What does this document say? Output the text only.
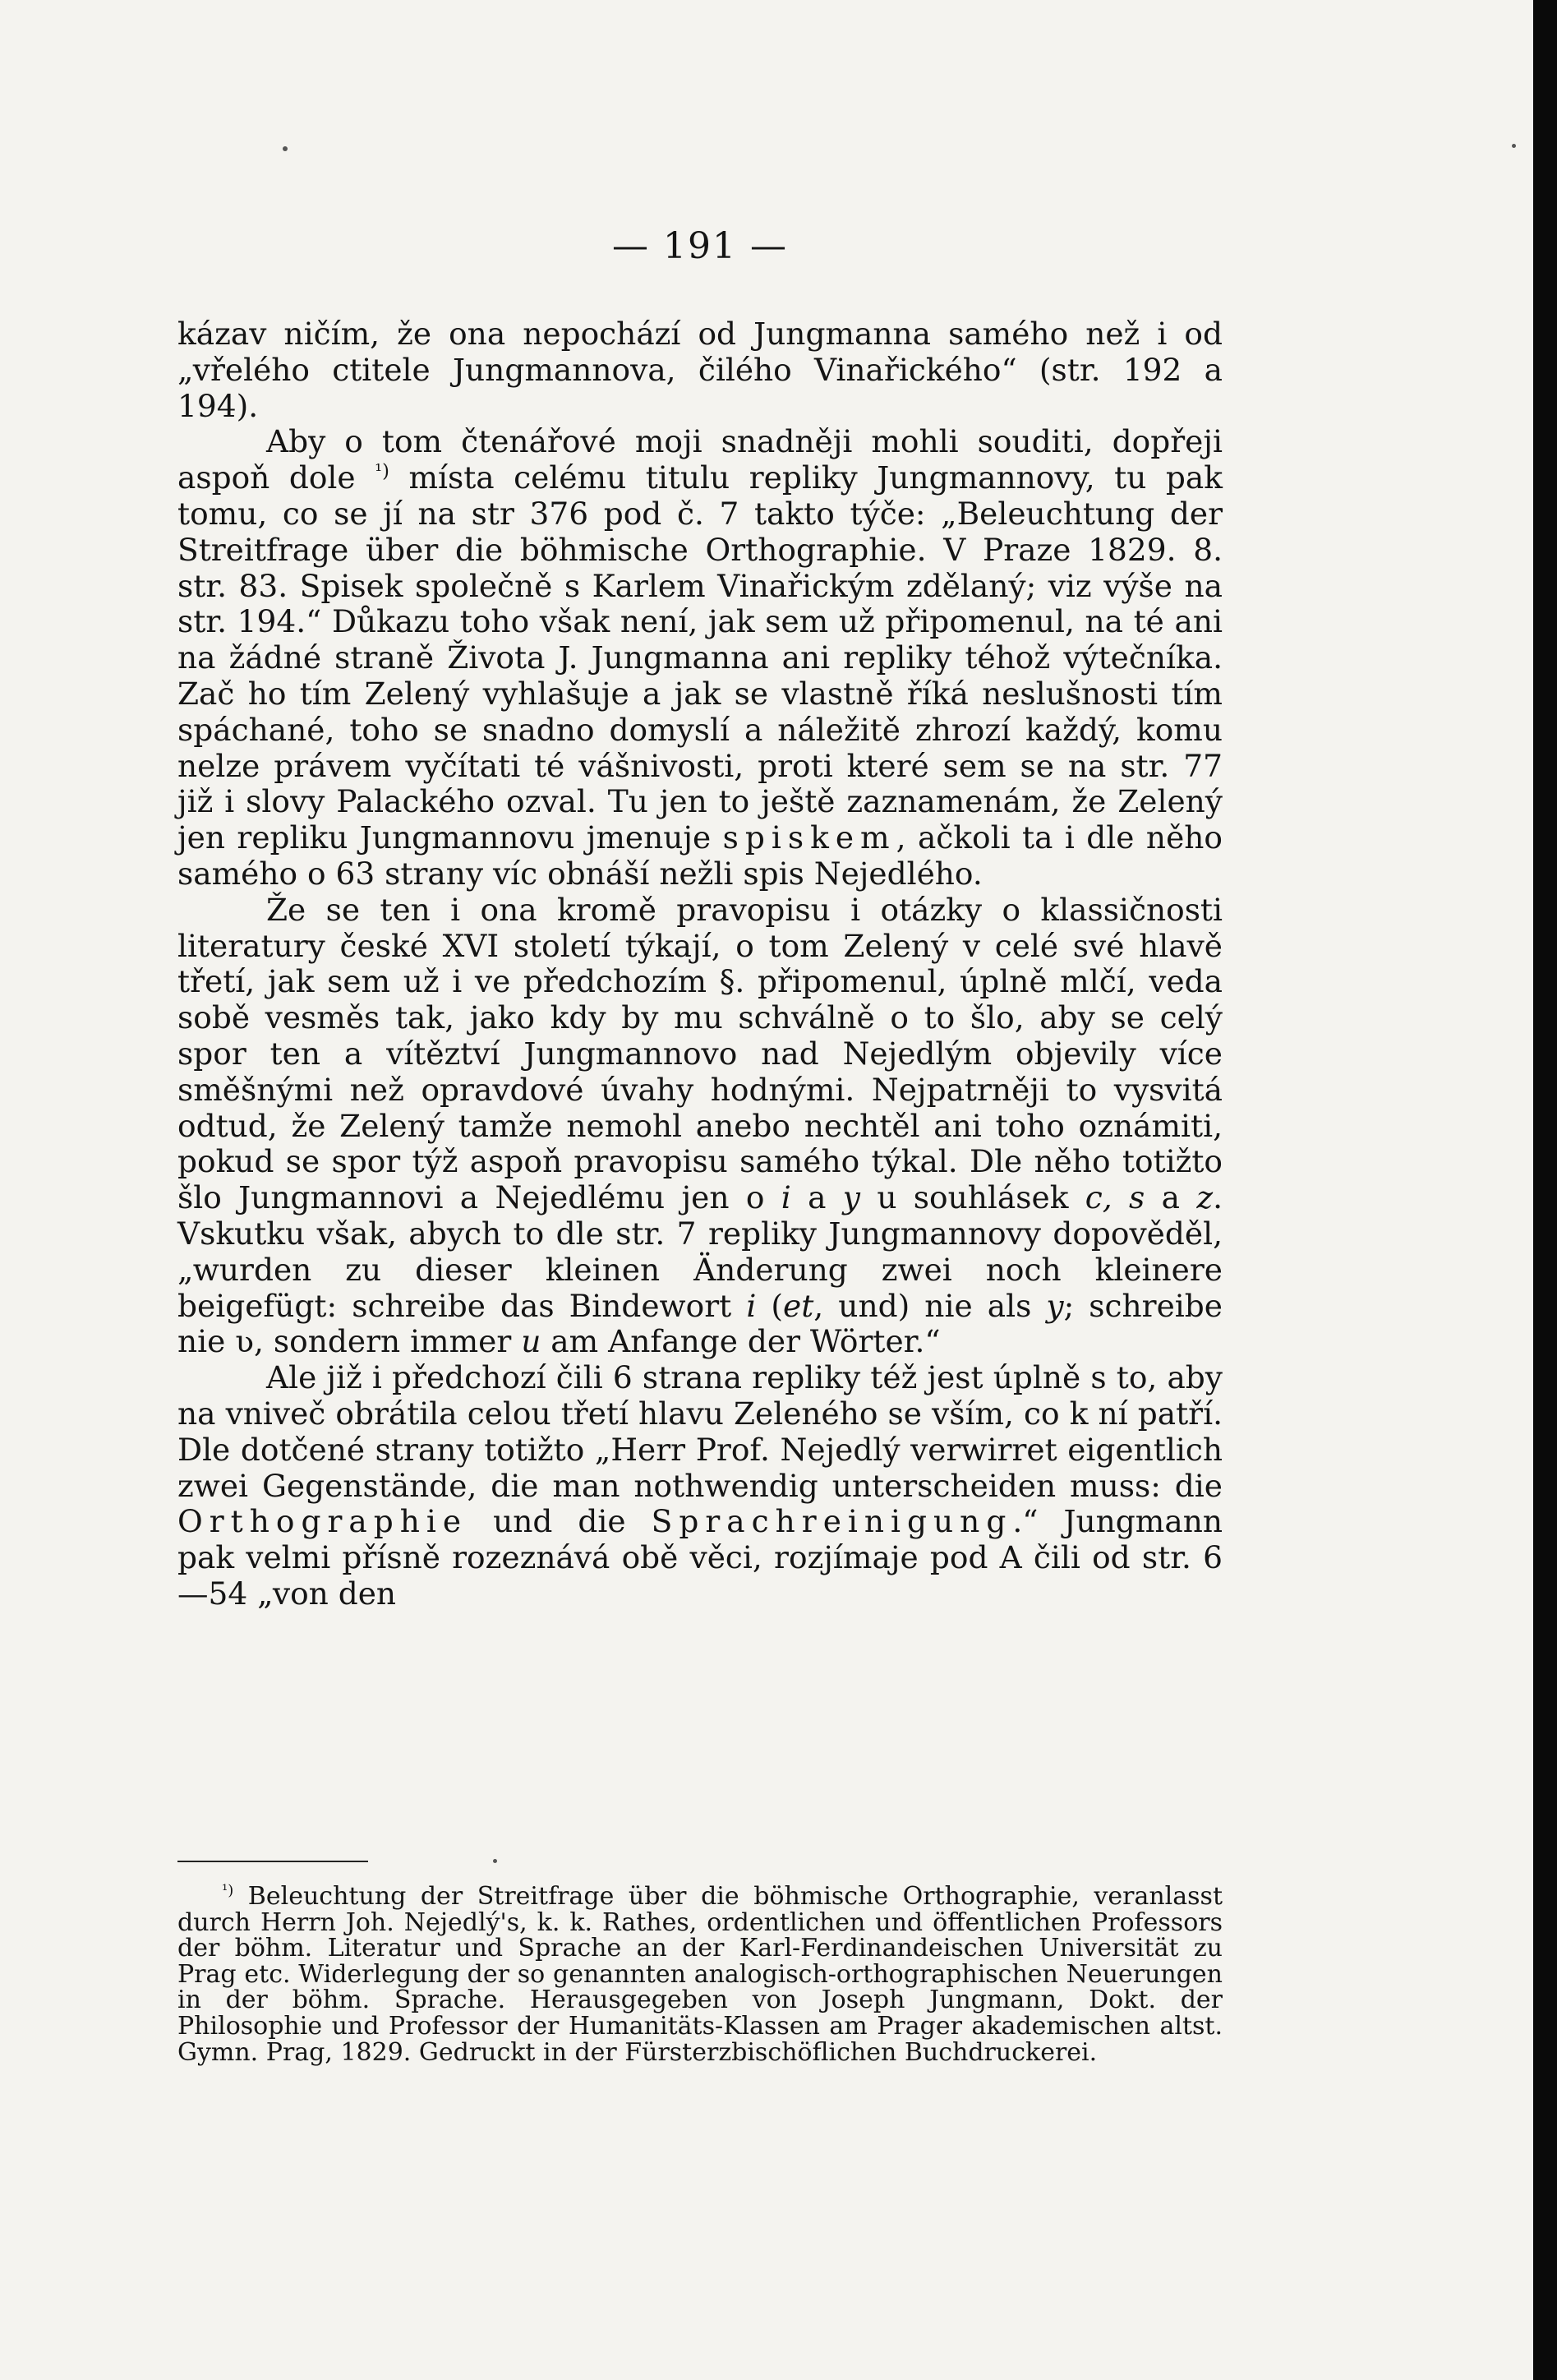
— 191 —

kázav ničím, že ona nepochází od Jungmanna samého než i od „vřelého ctitele Jungmannova, čilého Vinařického“ (str. 192 a 194).

Aby o tom čtenářové moji snadněji mohli souditi, dopřeji aspoň dole $^{^1)}$ místa celému titulu repliky Jungmannovy, tu pak tomu, co se jí na str 376 pod č. 7 takto týče: „Beleuchtung der Streitfrage über die böhmische Orthographie. V Praze 1829. 8. str. 83. Spisek společně s Karlem Vinařickým zdělaný; viz výše na str. 194.“ Důkazu toho však není, jak sem už připomenul, na té ani na žádné straně Života J. Jungmanna ani repliky téhož výtečníka. Zač ho tím Zelený vyhlašuje a jak se vlastně říká neslušnosti tím spáchané, toho se snadno domyslí a náležitě zhrozí každý, komu nelze právem vyčítati té vášnivosti, proti které sem se na str. 77 již i slovy Palackého ozval. Tu jen to ještě zaznamenám, že Zelený jen repliku Jungmannovu jmenuje spiskem, ačkoli ta i dle něho samého o 63 strany víc obnáší nežli spis Nejedlého.

Že se ten i ona kromě pravopisu i otázky o klassičnosti literatury české XVI století týkají, o tom Zelený v celé své hlavě třetí, jak sem už i ve předchozím §. připomenul, úplně mlčí, veda sobě vesměs tak, jako kdy by mu schválně o to šlo, aby se celý spor ten a vítěztví Jungmannovo nad Nejedlým objevily více směšnými než opravdové úvahy hodnými. Nejpatrněji to vysvitá odtud, že Zelený tamže nemohl anebo nechtěl ani toho oznámiti, pokud se spor týž aspoň pravopisu samého týkal. Dle něho totižto šlo Jungmannovi a Nejedlému jen o i a y u souhlásek c, s a z. Vskutku však, abych to dle str. 7 repliky Jungmannovy dopověděl, „wurden zu dieser kleinen Änderung zwei noch kleinere beigefügt: schreibe das Bindewort i (et, und) nie als y; schreibe nie ʋ, sondern immer u am Anfange der Wörter.“

Ale již i předchozí čili 6 strana repliky též jest úplně s to, aby na vniveč obrátila celou třetí hlavu Zeleného se vším, co k ní patří. Dle dotčené strany totižto „Herr Prof. Nejedlý verwirret eigentlich zwei Gegenstände, die man nothwendig unterscheiden muss: die Orthographie und die Sprachreinigung.“ Jungmann pak velmi přísně rozeznává obě věci, rozjímaje pod A čili od str. 6—54 „von den

$^{^1)}$ Beleuchtung der Streitfrage über die böhmische Orthographie, veranlasst durch Herrn Joh. Nejedlý's, k. k. Rathes, ordentlichen und öffentlichen Professors der böhm. Literatur und Sprache an der Karl-Ferdinandeischen Universität zu Prag etc. Widerlegung der so genannten analogisch-orthographischen Neuerungen in der böhm. Sprache. Herausgegeben von Joseph Jungmann, Dokt. der Philosophie und Professor der Humanitäts-Klassen am Prager akademischen altst. Gymn. Prag, 1829. Gedruckt in der Fürsterzbischöflichen Buchdruckerei.
